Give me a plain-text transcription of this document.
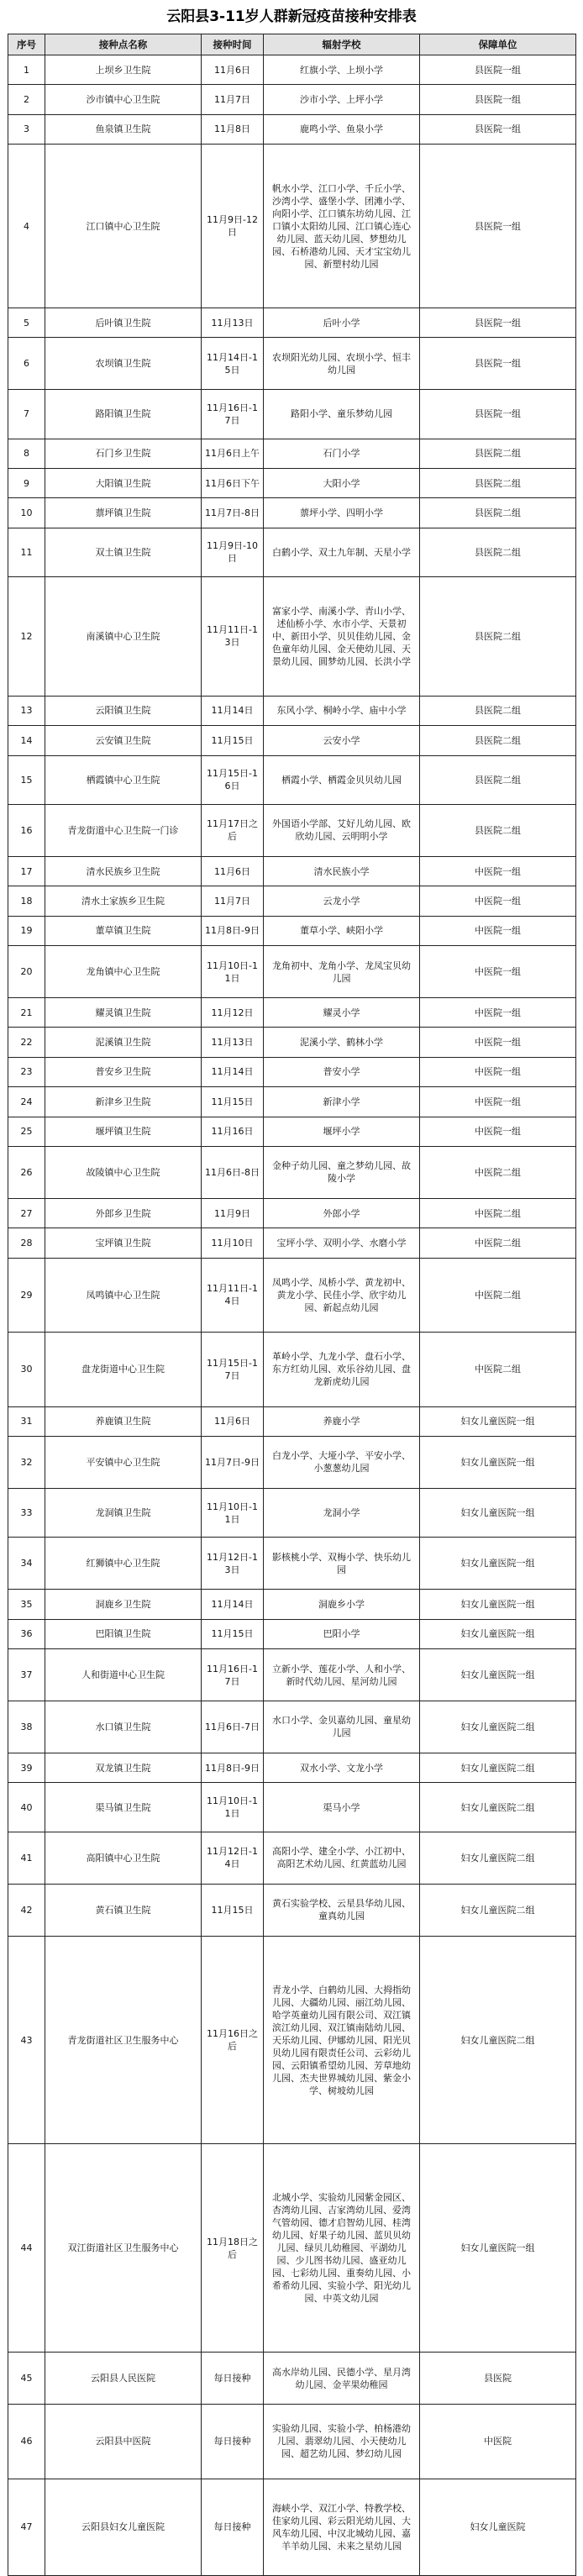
云阳县3-11岁人群新冠疫苗接种安排表
序号	接种点名称	接种时间	辐射学校	保障单位
1	上坝乡卫生院	11月6日	红旗小学、上坝小学	县医院一组
2	沙市镇中心卫生院	11月7日	沙市小学、上坪小学	县医院一组
3	鱼泉镇卫生院	11月8日	鹿鸣小学、鱼泉小学	县医院一组
4	江口镇中心卫生院	11月9日-12日	帆水小学、江口小学、千丘小学、沙湾小学、盛堡小学、团滩小学、向阳小学、江口镇东坊幼儿园、江口镇小太阳幼儿园、江口镇心连心幼儿园、蓝天幼儿园、梦想幼儿园、石桥港幼儿园、天才宝宝幼儿园、新塑村幼儿园	县医院一组
5	后叶镇卫生院	11月13日	后叶小学	县医院一组
6	农坝镇卫生院	11月14日-15日	农坝阳光幼儿园、农坝小学、恒丰幼儿园	县医院一组
7	路阳镇卫生院	11月16日-17日	路阳小学、童乐梦幼儿园	县医院一组
8	石门乡卫生院	11月6日上午	石门小学	县医院二组
9	大阳镇卫生院	11月6日下午	大阳小学	县医院二组
10	蔈坪镇卫生院	11月7日-8日	蔈坪小学、四明小学	县医院二组
11	双土镇卫生院	11月9日-10日	白鹤小学、双土九年制、天星小学	县医院二组
12	南溪镇中心卫生院	11月11日-13日	富家小学、南溪小学、青山小学、述仙桥小学、水市小学、天景初中、新田小学、贝贝佳幼儿园、金色童年幼儿园、金天使幼儿园、天景幼儿园、圆梦幼儿园、长洪小学	县医院二组
13	云阳镇卫生院	11月14日	东风小学、桐岭小学、庙中小学	县医院二组
14	云安镇卫生院	11月15日	云安小学	县医院二组
15	栖霞镇中心卫生院	11月15日-16日	栖霞小学、栖霞金贝贝幼儿园	县医院二组
16	青龙街道中心卫生院一门诊	11月17日之后	外国语小学部、艾好儿幼儿园、欧欣幼儿园、云明明小学	县医院二组
17	清水民族乡卫生院	11月6日	清水民族小学	中医院一组
18	清水土家族乡卫生院	11月7日	云龙小学	中医院一组
19	董草镇卫生院	11月8日-9日	董草小学、峡阳小学	中医院一组
20	龙角镇中心卫生院	11月10日-11日	龙角初中、龙角小学、龙凤宝贝幼儿园	中医院一组
21	耀灵镇卫生院	11月12日	耀灵小学	中医院一组
22	泥溪镇卫生院	11月13日	泥溪小学、鹤林小学	中医院一组
23	普安乡卫生院	11月14日	普安小学	中医院一组
24	新津乡卫生院	11月15日	新津小学	中医院一组
25	堰坪镇卫生院	11月16日	堰坪小学	中医院一组
26	故陵镇中心卫生院	11月6日-8日	金种子幼儿园、童之梦幼儿园、故陵小学	中医院二组
27	外郎乡卫生院	11月9日	外郎小学	中医院二组
28	宝坪镇卫生院	11月10日	宝坪小学、双明小学、水磨小学	中医院二组
29	凤鸣镇中心卫生院	11月11日-14日	凤鸣小学、凤桥小学、黄龙初中、黄龙小学、民佳小学、欣宇幼儿园、新起点幼儿园	中医院二组
30	盘龙街道中心卫生院	11月15日-17日	革岭小学、九龙小学、盘石小学、东方红幼儿园、欢乐谷幼儿园、盘龙新虎幼儿园	中医院二组
31	养鹿镇卫生院	11月6日	养鹿小学	妇女儿童医院一组
32	平安镇中心卫生院	11月7日-9日	白龙小学、大垭小学、平安小学、小葱葱幼儿园	妇女儿童医院一组
33	龙洞镇卫生院	11月10日-11日	龙洞小学	妇女儿童医院一组
34	红狮镇中心卫生院	11月12日-13日	影核桃小学、双梅小学、快乐幼儿园	妇女儿童医院一组
35	洞鹿乡卫生院	11月14日	洞鹿乡小学	妇女儿童医院一组
36	巴阳镇卫生院	11月15日	巴阳小学	妇女儿童医院一组
37	人和街道中心卫生院	11月16日-17日	立新小学、莲花小学、人和小学、新时代幼儿园、星河幼儿园	妇女儿童医院一组
38	水口镇卫生院	11月6日-7日	水口小学、金贝嘉幼儿园、童星幼儿园	妇女儿童医院二组
39	双龙镇卫生院	11月8日-9日	双水小学、文龙小学	妇女儿童医院二组
40	渠马镇卫生院	11月10日-11日	渠马小学	妇女儿童医院二组
41	高阳镇中心卫生院	11月12日-14日	高阳小学、建全小学、小江初中、高阳艺术幼儿园、红黄蓝幼儿园	妇女儿童医院二组
42	黄石镇卫生院	11月15日	黄石实验学校、云星县华幼儿园、童真幼儿园	妇女儿童医院二组
43	青龙街道社区卫生服务中心	11月16日之后	青龙小学、白鹤幼儿园、大拇指幼儿园、大疆幼儿园、丽江幼儿园、哈学英童幼儿园有限公司、双江镇滨江幼儿园、双江镇南陆幼儿园、天乐幼儿园、伊娜幼儿园、阳光贝贝幼儿园有限责任公司、云彩幼儿园、云阳镇希望幼儿园、芳草地幼儿园、杰夫世界城幼儿园、紫金小学、树坡幼儿园	妇女儿童医院二组
44	双江街道社区卫生服务中心	11月18日之后	北城小学、实验幼儿园紫金园区、杏湾幼儿园、吉家湾幼儿园、爱湾气管幼园、德才启智幼儿园、桂湾幼儿园、好果子幼儿园、蓝贝贝幼儿园、绿贝儿幼稚园、平湖幼儿园、少儿图书幼儿园、盛亚幼儿园、七彩幼儿园、重奏幼儿园、小希希幼儿园、实验小学、阳光幼儿园、中英文幼儿园	妇女儿童医院一组
45	云阳县人民医院	每日接种	高水岸幼儿园、民德小学、星月湾幼儿园、金苹果幼稚园	县医院
46	云阳县中医院	每日接种	实验幼儿园、实验小学、柏杨港幼儿园、翡翠幼儿园、小天使幼儿园、超艺幼儿园、梦幻幼儿园	中医院
47	云阳县妇女儿童医院	每日接种	海峡小学、双江小学、特教学校、佳家幼儿园、彩云阳光幼儿园、大风车幼儿园、中汉北城幼儿园、嘉羊羊幼儿园、未来之星幼儿园	妇女儿童医院
